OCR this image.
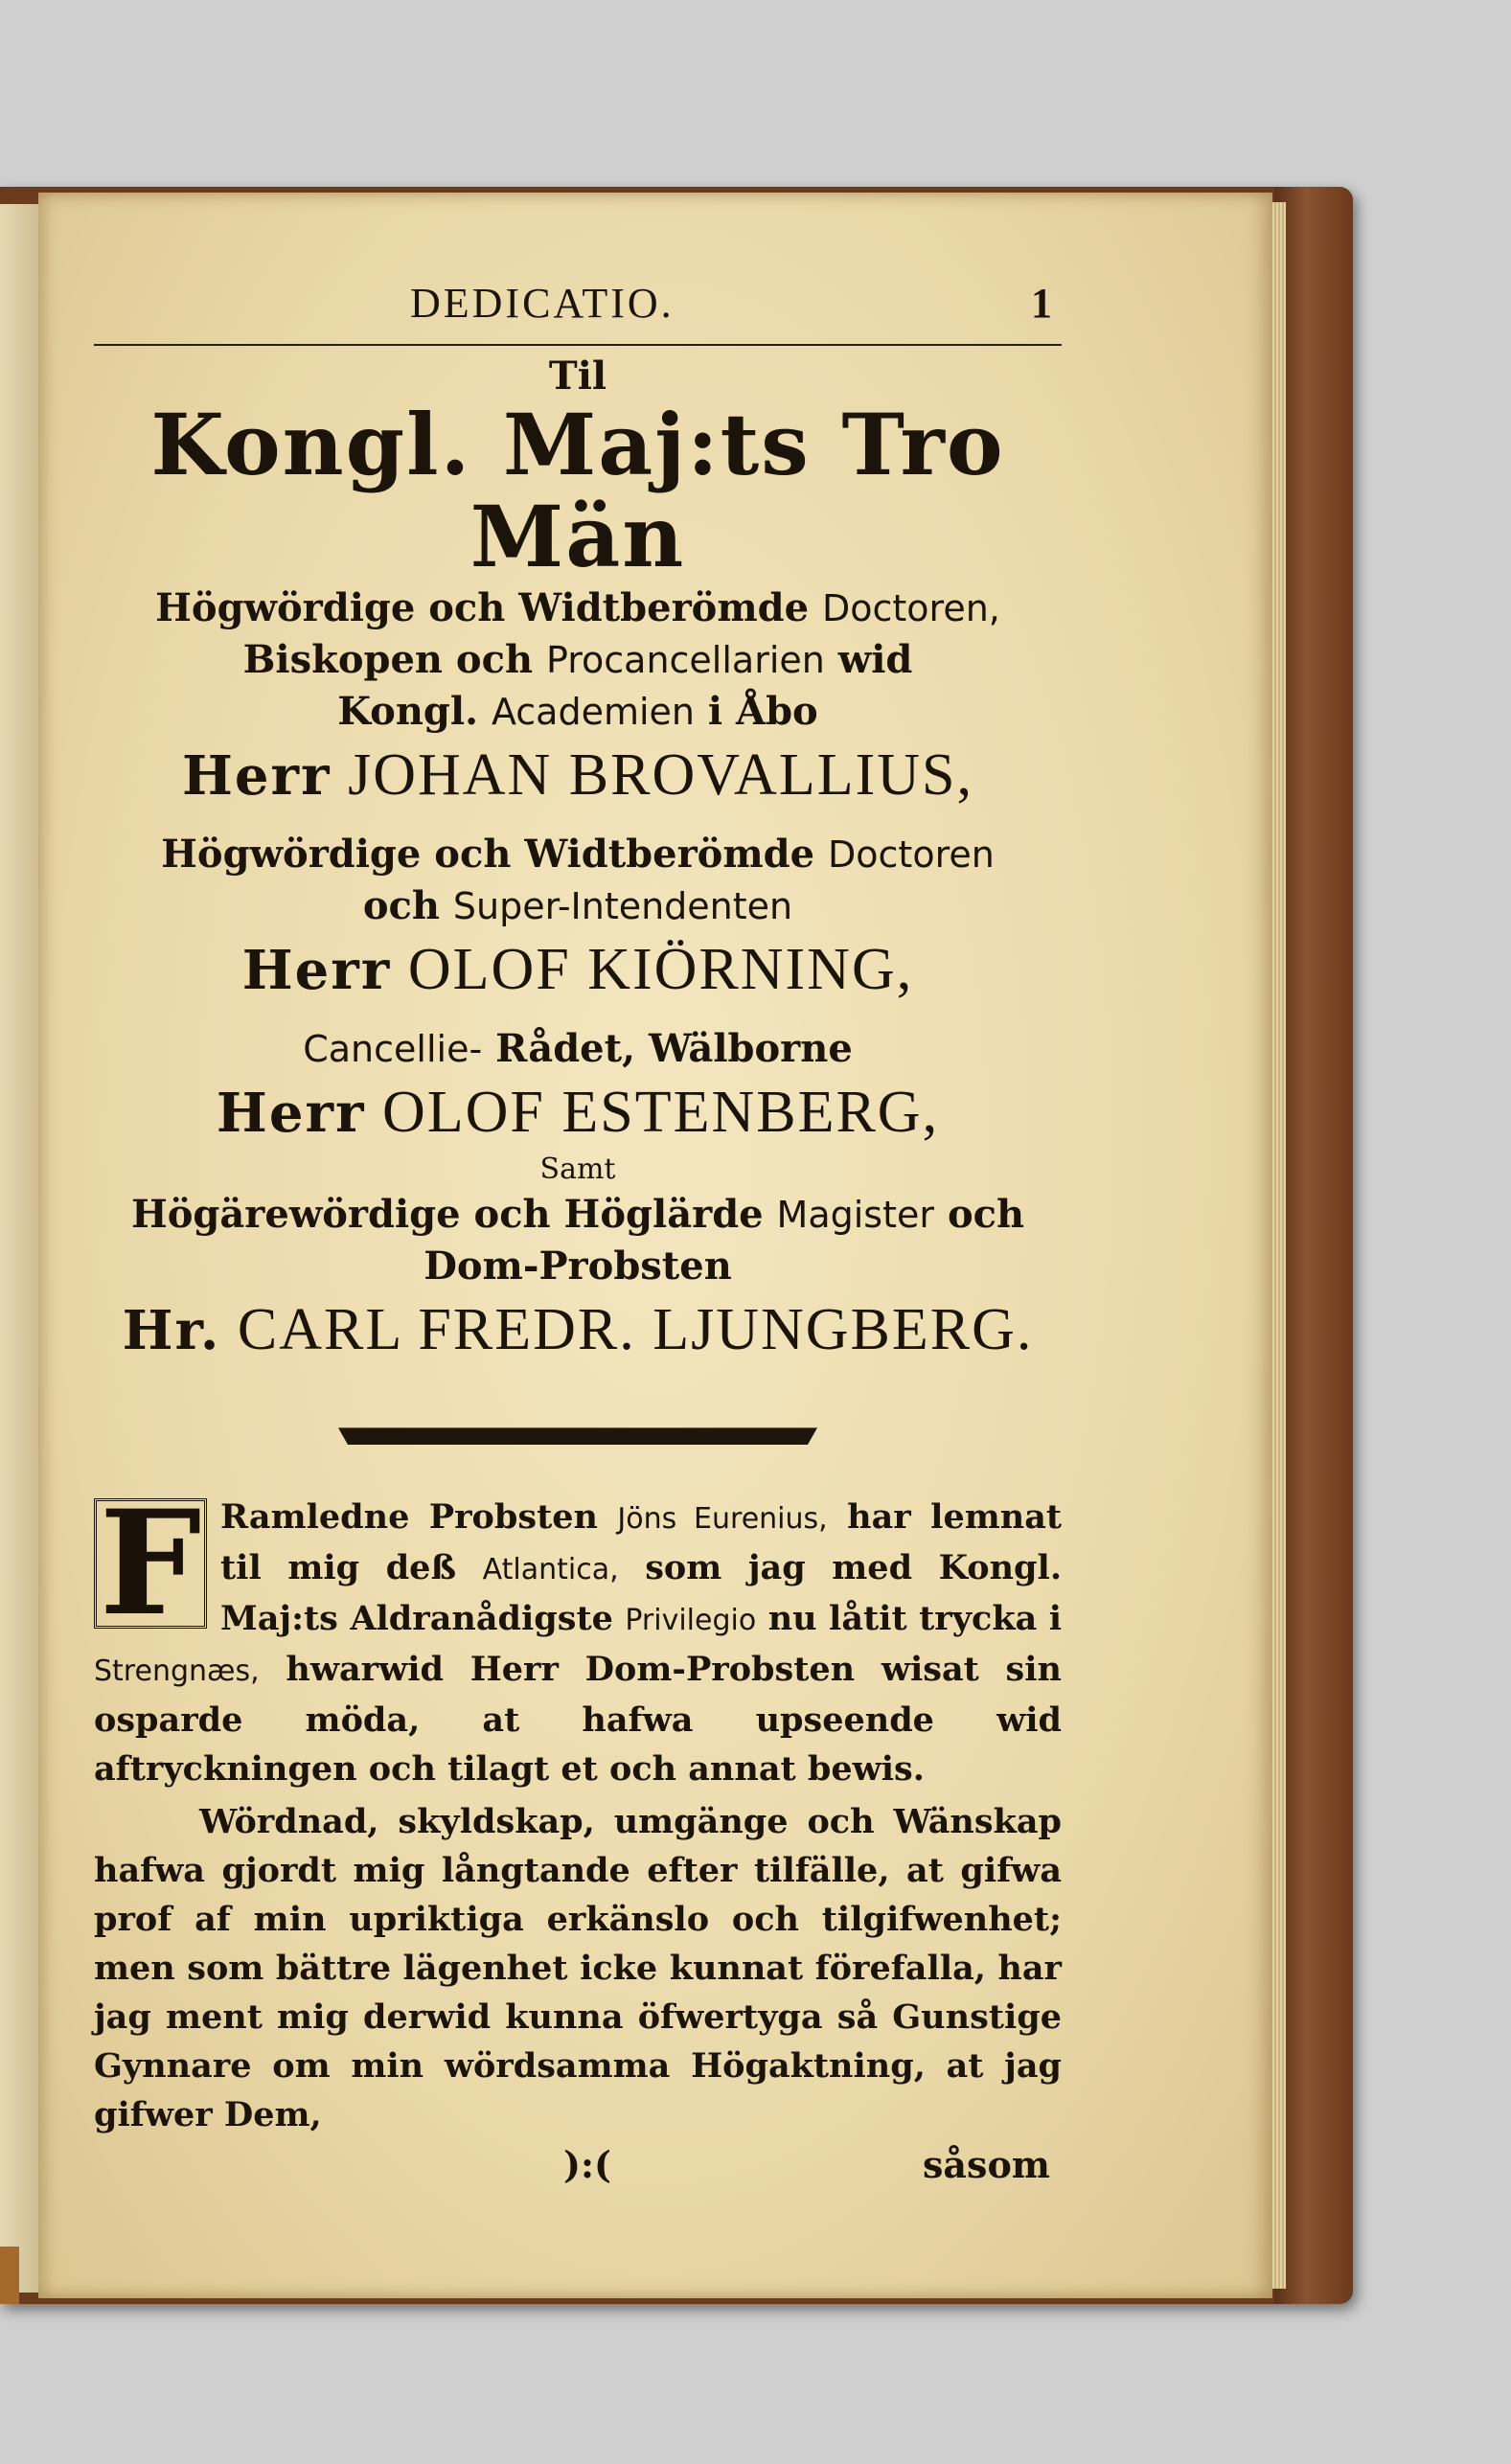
DEDICATIO.	1
Til
Kongl. Maj:ts Tro Män
Högwördige och Widtberömde Doctoren,
Biskopen och Procancellarien wid
Kongl. Academien i Åbo
Herr JOHAN BROVALLIUS,
Högwördige och Widtberömde Doctoren
och Super-Intendenten
Herr OLOF KIÖRNING,
Cancellie- Rådet, Wälborne
Herr OLOF ESTENBERG,
Samt
Högärewördige och Höglärde Magister och
Dom-Probsten
Hr. CARL FREDR. LJUNGBERG.
F Ramledne Probsten Jöns Eurenius, har lemnat til mig deß Atlantica, som jag med Kongl. Maj:ts Aldranådigste Privilegio nu låtit trycka i Strengnæs, hwarwid Herr Dom-Probsten wisat sin osparde möda, at hafwa upseende wid aftryckningen och tilagt et och annat bewis.
Wördnad, skyldskap, umgänge och Wänskap hafwa gjordt mig långtande efter tilfälle, at gifwa prof af min upriktiga erkänslo och tilgifwenhet; men som bättre lägenhet icke kunnat förefalla, har jag ment mig derwid kunna öfwertyga så Gunstige Gynnare om min wördsamma Högaktning, at jag gifwer Dem,
):(	såsom
